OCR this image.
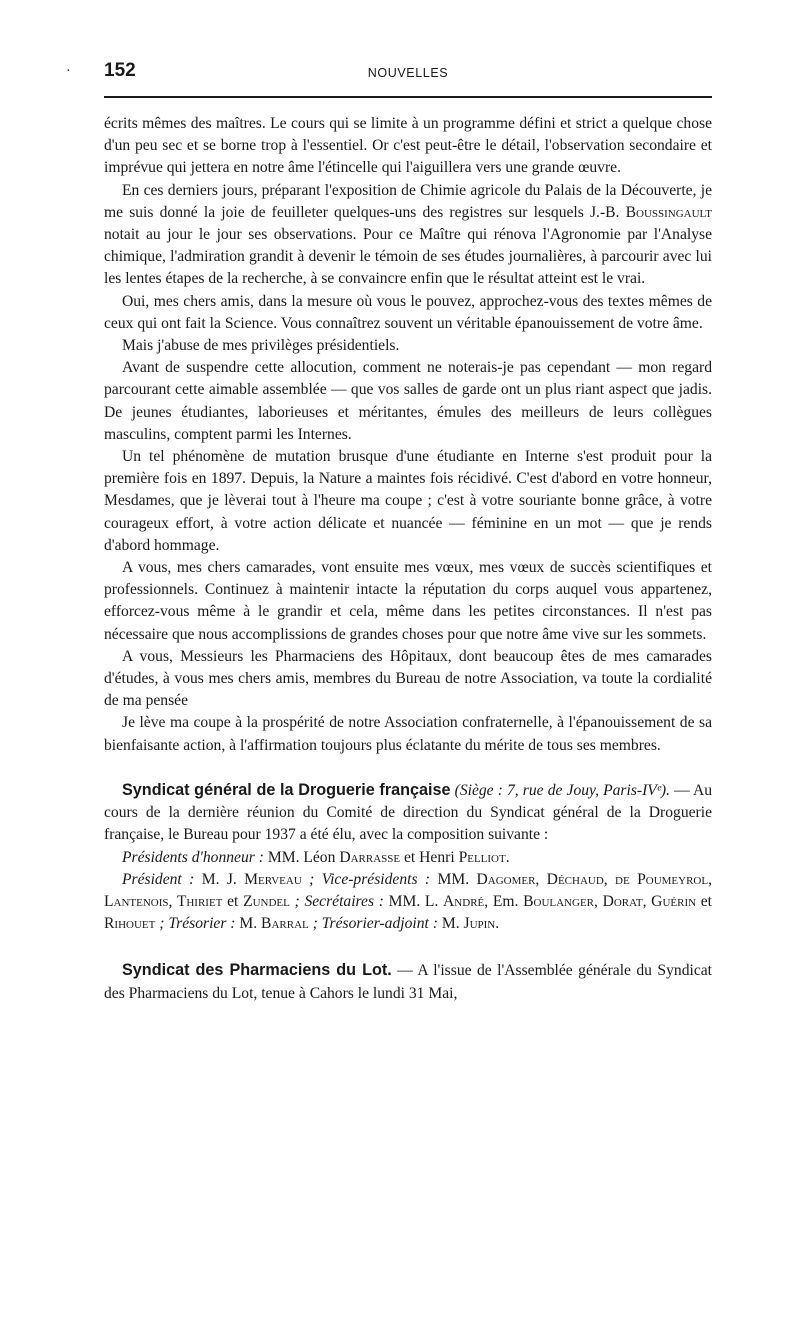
· 152	NOUVELLES

écrits mêmes des maîtres. Le cours qui se limite à un programme défini et strict a quelque chose d'un peu sec et se borne trop à l'essentiel. Or c'est peut-être le détail, l'observation secondaire et imprévue qui jettera en notre âme l'étincelle qui l'aiguillera vers une grande œuvre.

En ces derniers jours, préparant l'exposition de Chimie agricole du Palais de la Découverte, je me suis donné la joie de feuilleter quelques-uns des registres sur lesquels J.-B. Boussingault notait au jour le jour ses observations. Pour ce Maître qui rénova l'Agronomie par l'Analyse chimique, l'admiration grandit à devenir le témoin de ses études journalières, à parcourir avec lui les lentes étapes de la recherche, à se convaincre enfin que le résultat atteint est le vrai.

Oui, mes chers amis, dans la mesure où vous le pouvez, approchez-vous des textes mêmes de ceux qui ont fait la Science. Vous connaîtrez souvent un véritable épanouissement de votre âme.

Mais j'abuse de mes privilèges présidentiels.

Avant de suspendre cette allocution, comment ne noterais-je pas cependant — mon regard parcourant cette aimable assemblée — que vos salles de garde ont un plus riant aspect que jadis. De jeunes étudiantes, laborieuses et méritantes, émules des meilleurs de leurs collègues masculins, comptent parmi les Internes.

Un tel phénomène de mutation brusque d'une étudiante en Interne s'est produit pour la première fois en 1897. Depuis, la Nature a maintes fois récidivé. C'est d'abord en votre honneur, Mesdames, que je lèverai tout à l'heure ma coupe ; c'est à votre souriante bonne grâce, à votre courageux effort, à votre action délicate et nuancée — féminine en un mot — que je rends d'abord hommage.

A vous, mes chers camarades, vont ensuite mes vœux, mes vœux de succès scientifiques et professionnels. Continuez à maintenir intacte la réputation du corps auquel vous appartenez, efforcez-vous même à le grandir et cela, même dans les petites circonstances. Il n'est pas nécessaire que nous accomplissions de grandes choses pour que notre âme vive sur les sommets.

A vous, Messieurs les Pharmaciens des Hôpitaux, dont beaucoup êtes de mes camarades d'études, à vous mes chers amis, membres du Bureau de notre Association, va toute la cordialité de ma pensée

Je lève ma coupe à la prospérité de notre Association confraternelle, à l'épanouissement de sa bienfaisante action, à l'affirmation toujours plus éclatante du mérite de tous ses membres.

Syndicat général de la Droguerie française (Siège : 7, rue de Jouy, Paris-IVᵉ). — Au cours de la dernière réunion du Comité de direction du Syndicat général de la Droguerie française, le Bureau pour 1937 a été élu, avec la composition suivante :

Présidents d'honneur : MM. Léon Darrasse et Henri Pelliot.

Président : M. J. Merveau ; Vice-présidents : MM. Dagomer, Déchaud, de Poumeyrol, Lantenois, Thiriet et Zundel ; Secrétaires : MM. L. André, Em. Boulanger, Dorat, Guérin et Rihouet ; Trésorier : M. Barral ; Trésorier-adjoint : M. Jupin.

Syndicat des Pharmaciens du Lot. — A l'issue de l'Assemblée générale du Syndicat des Pharmaciens du Lot, tenue à Cahors le lundi 31 Mai,
